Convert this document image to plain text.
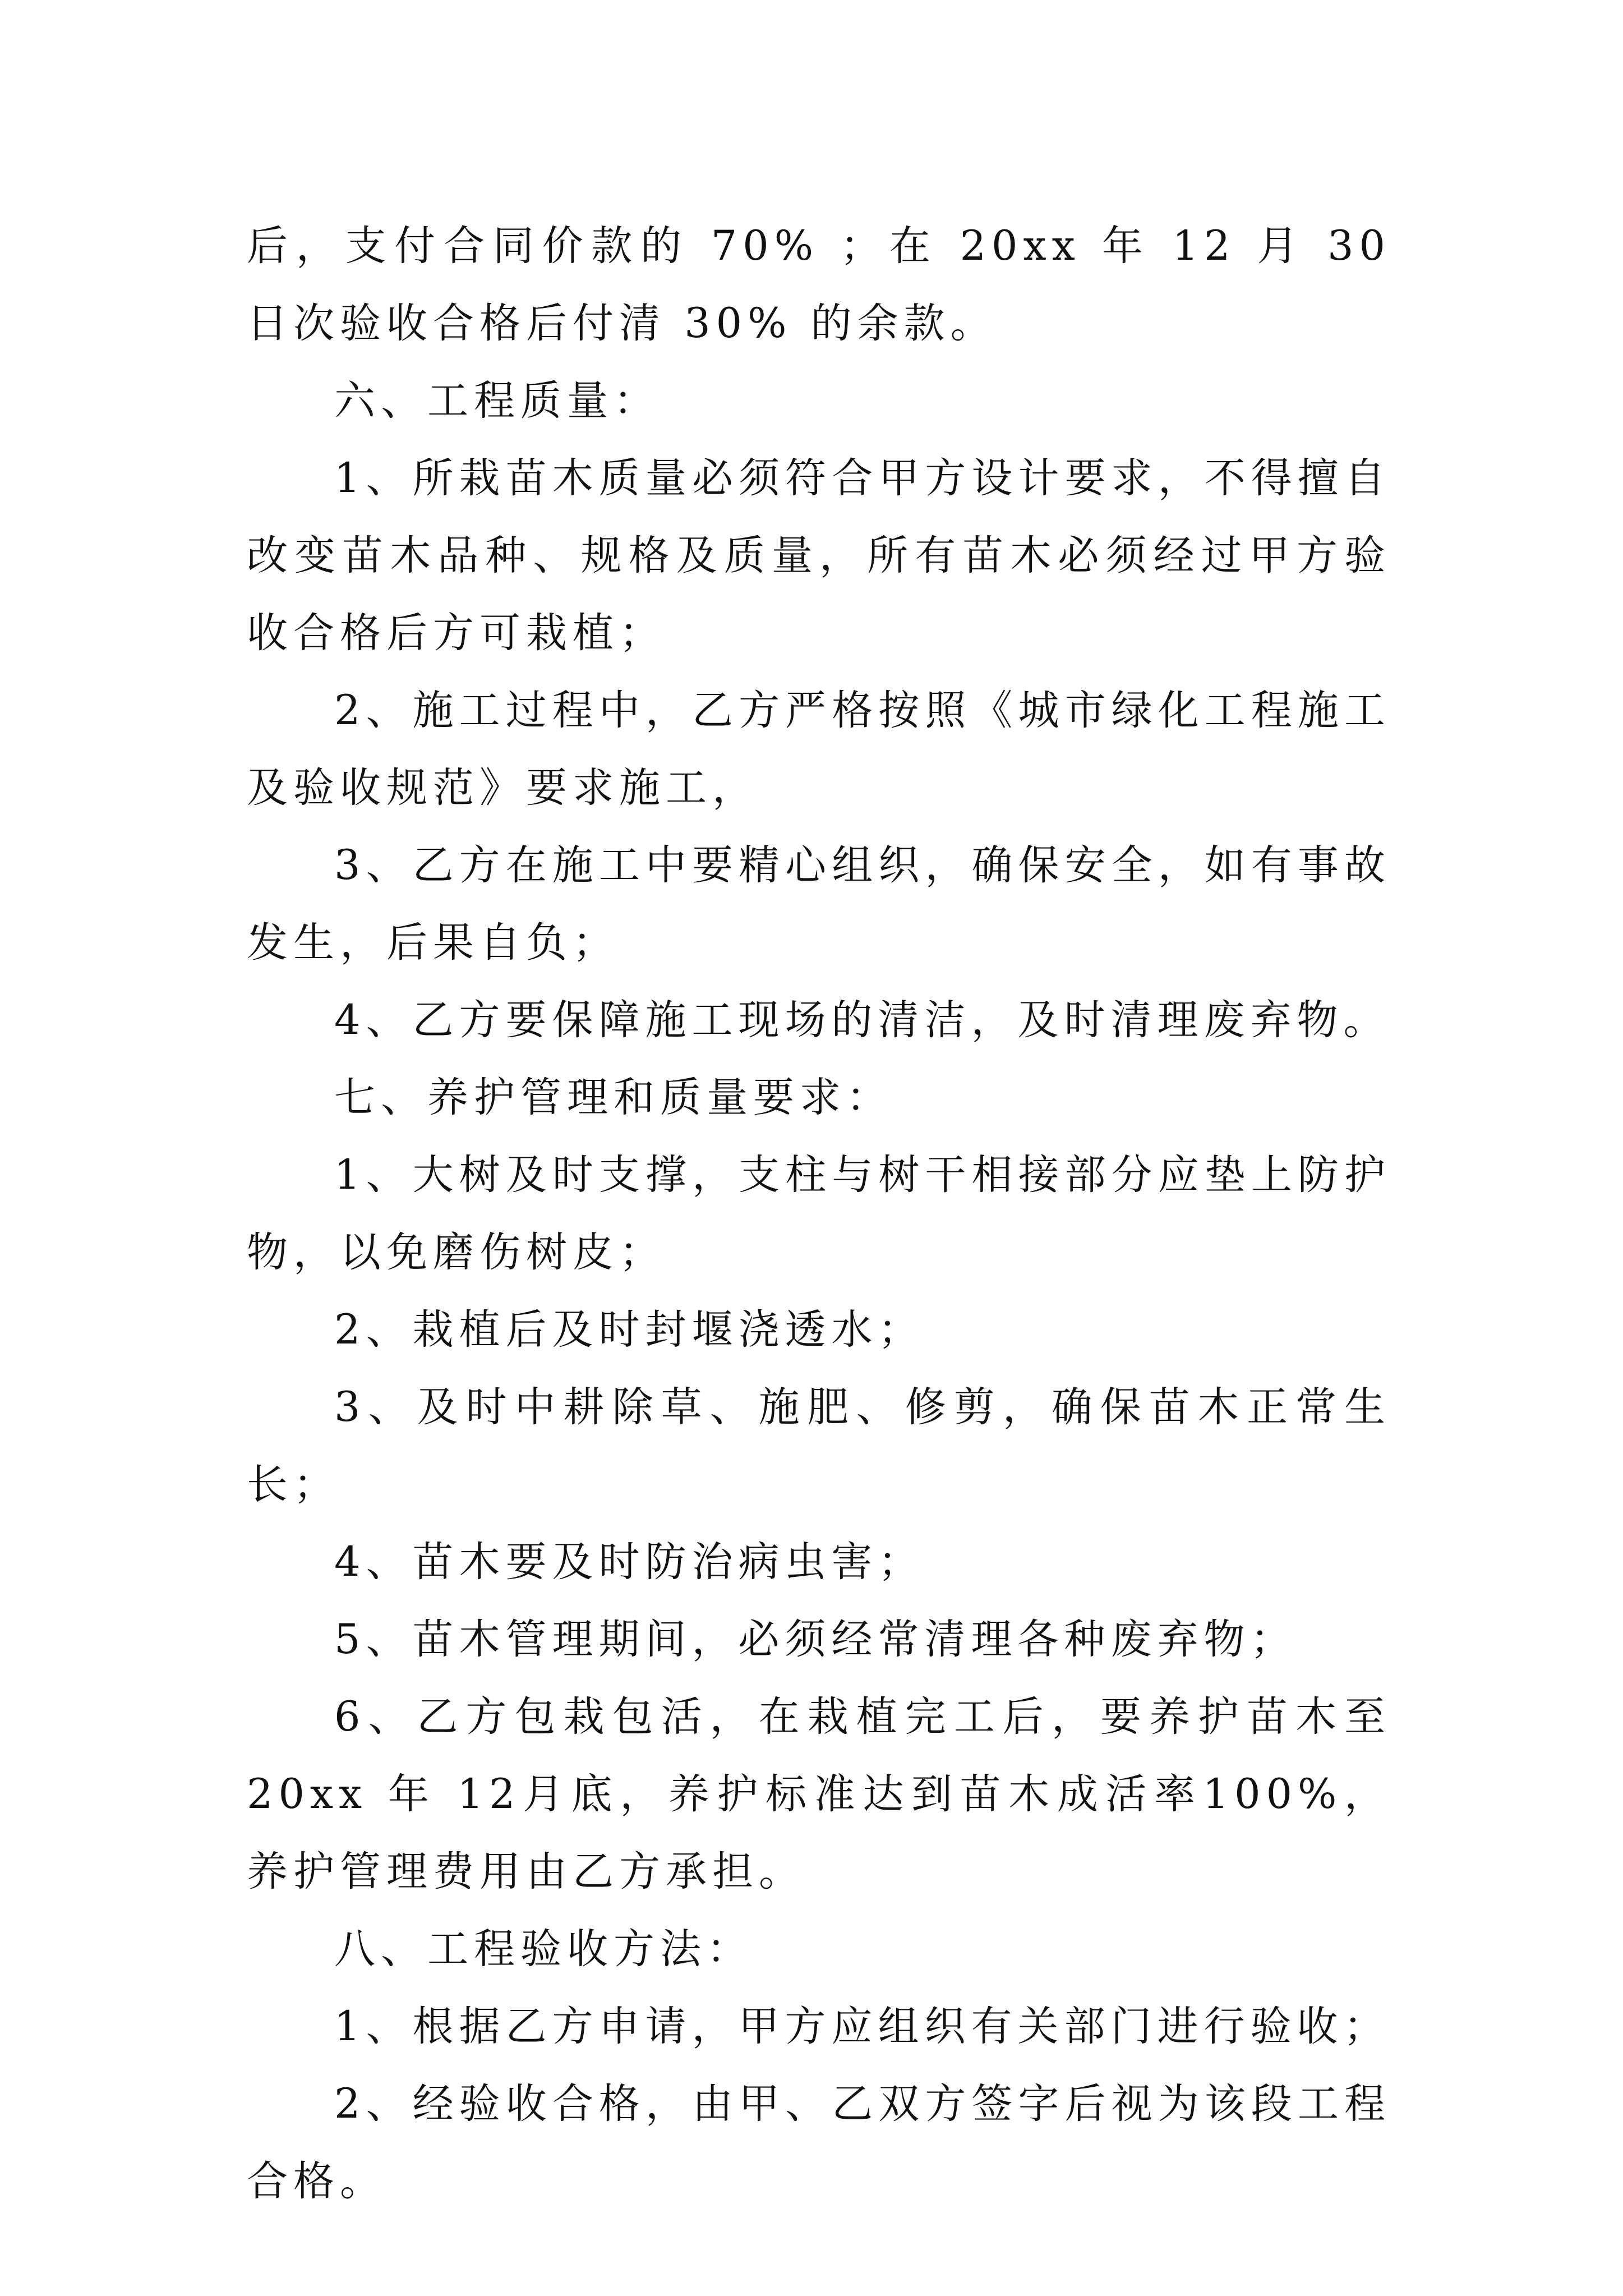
后，支付合同价款的 70% ；在 20xx 年 12 月 30 日次验收合格后付清 30% 的余款。

六、工程质量：

1、所栽苗木质量必须符合甲方设计要求，不得擅自改变苗木品种、规格及质量，所有苗木必须经过甲方验收合格后方可栽植；

2、施工过程中，乙方严格按照《城市绿化工程施工及验收规范》要求施工，

3、乙方在施工中要精心组织，确保安全，如有事故发生，后果自负；

4、乙方要保障施工现场的清洁，及时清理废弃物。

七、养护管理和质量要求：

1、大树及时支撑，支柱与树干相接部分应垫上防护物，以免磨伤树皮；

2、栽植后及时封堰浇透水；

3、及时中耕除草、施肥、修剪，确保苗木正常生长；

4、苗木要及时防治病虫害；

5、苗木管理期间，必须经常清理各种废弃物；

6、乙方包栽包活，在栽植完工后，要养护苗木至 20xx 年 12月底，养护标准达到苗木成活率100%，养护管理费用由乙方承担。

八、工程验收方法：

1、根据乙方申请，甲方应组织有关部门进行验收；

2、经验收合格，由甲、乙双方签字后视为该段工程合格。
